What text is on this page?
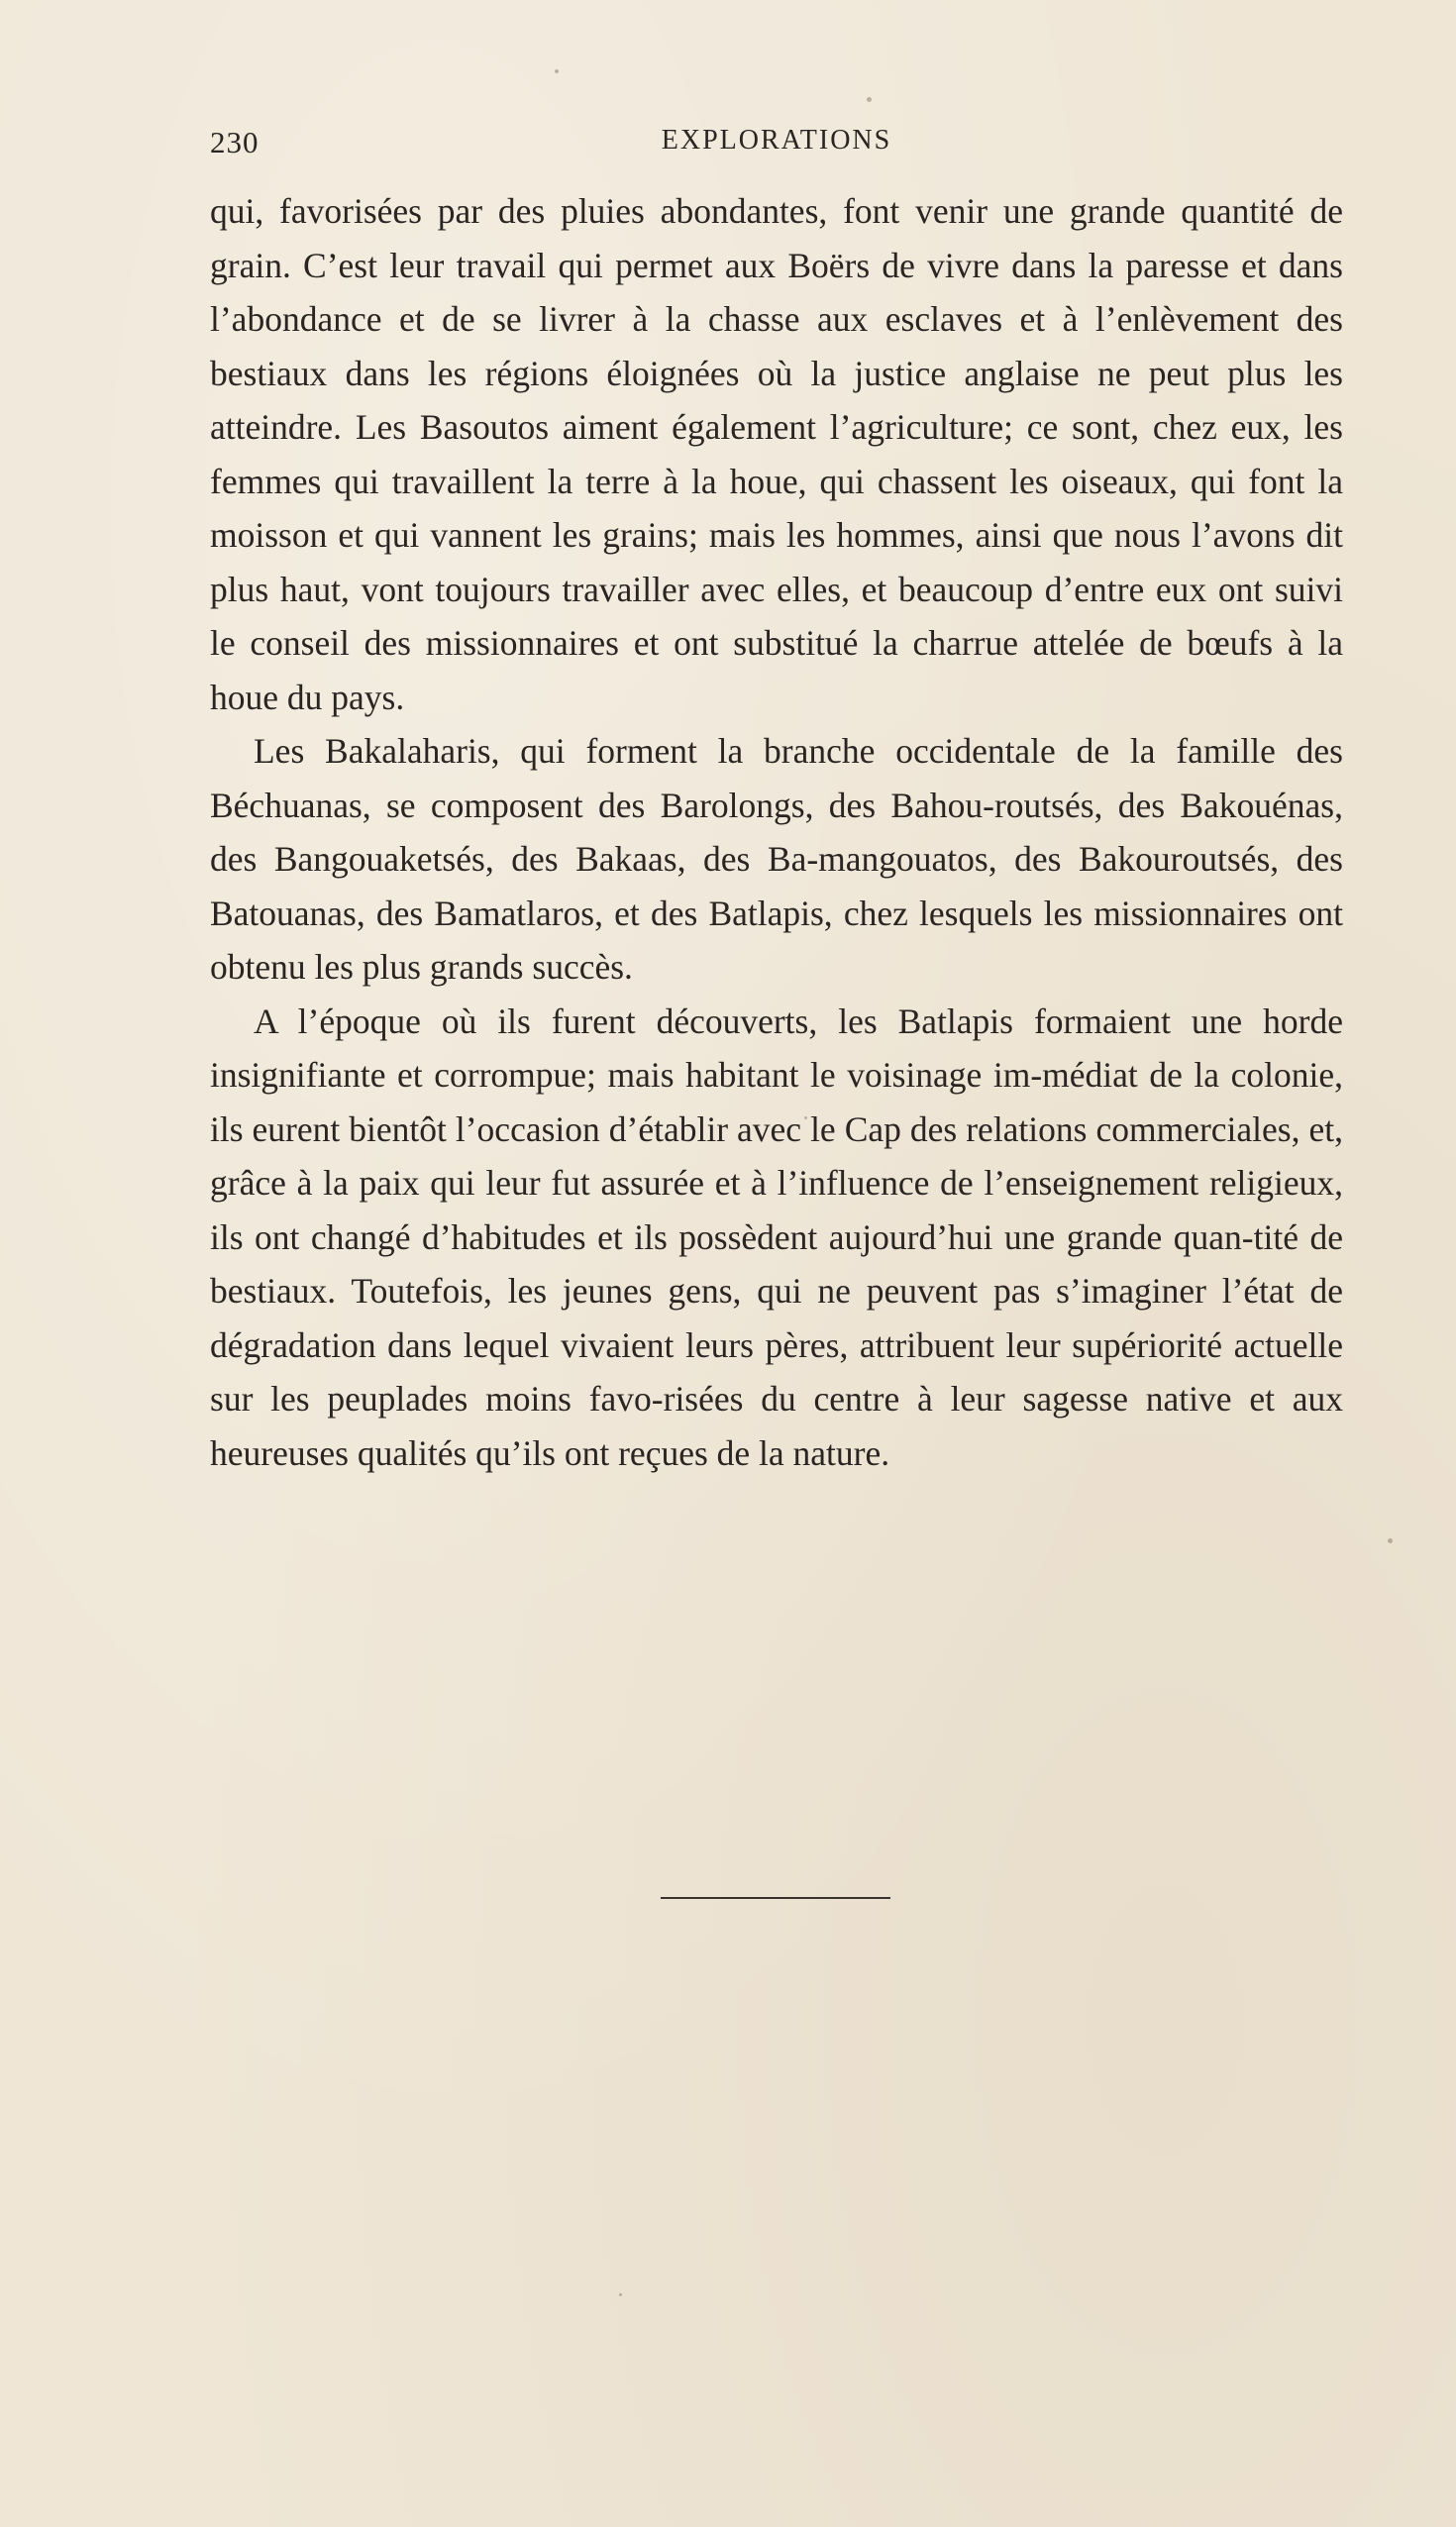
230	EXPLORATIONS

qui, favorisées par des pluies abondantes, font venir une grande quantité de grain. C’est leur travail qui permet aux Boërs de vivre dans la paresse et dans l’abondance et de se livrer à la chasse aux esclaves et à l’enlèvement des bestiaux dans les régions éloignées où la justice anglaise ne peut plus les atteindre. Les Basoutos aiment également l’agriculture; ce sont, chez eux, les femmes qui travaillent la terre à la houe, qui chassent les oiseaux, qui font la moisson et qui vannent les grains; mais les hommes, ainsi que nous l’avons dit plus haut, vont toujours travailler avec elles, et beaucoup d’entre eux ont suivi le conseil des missionnaires et ont substitué la charrue attelée de bœufs à la houe du pays.

Les Bakalaharis, qui forment la branche occidentale de la famille des Béchuanas, se composent des Barolongs, des Bahou-routsés, des Bakouénas, des Bangouaketsés, des Bakaas, des Ba-mangouatos, des Bakouroutsés, des Batouanas, des Bamatlaros, et des Batlapis, chez lesquels les missionnaires ont obtenu les plus grands succès.

A l’époque où ils furent découverts, les Batlapis formaient une horde insignifiante et corrompue; mais habitant le voisinage im-médiat de la colonie, ils eurent bientôt l’occasion d’établir avec le Cap des relations commerciales, et, grâce à la paix qui leur fut assurée et à l’influence de l’enseignement religieux, ils ont changé d’habitudes et ils possèdent aujourd’hui une grande quan-tité de bestiaux. Toutefois, les jeunes gens, qui ne peuvent pas s’imaginer l’état de dégradation dans lequel vivaient leurs pères, attribuent leur supériorité actuelle sur les peuplades moins favo-risées du centre à leur sagesse native et aux heureuses qualités qu’ils ont reçues de la nature.
